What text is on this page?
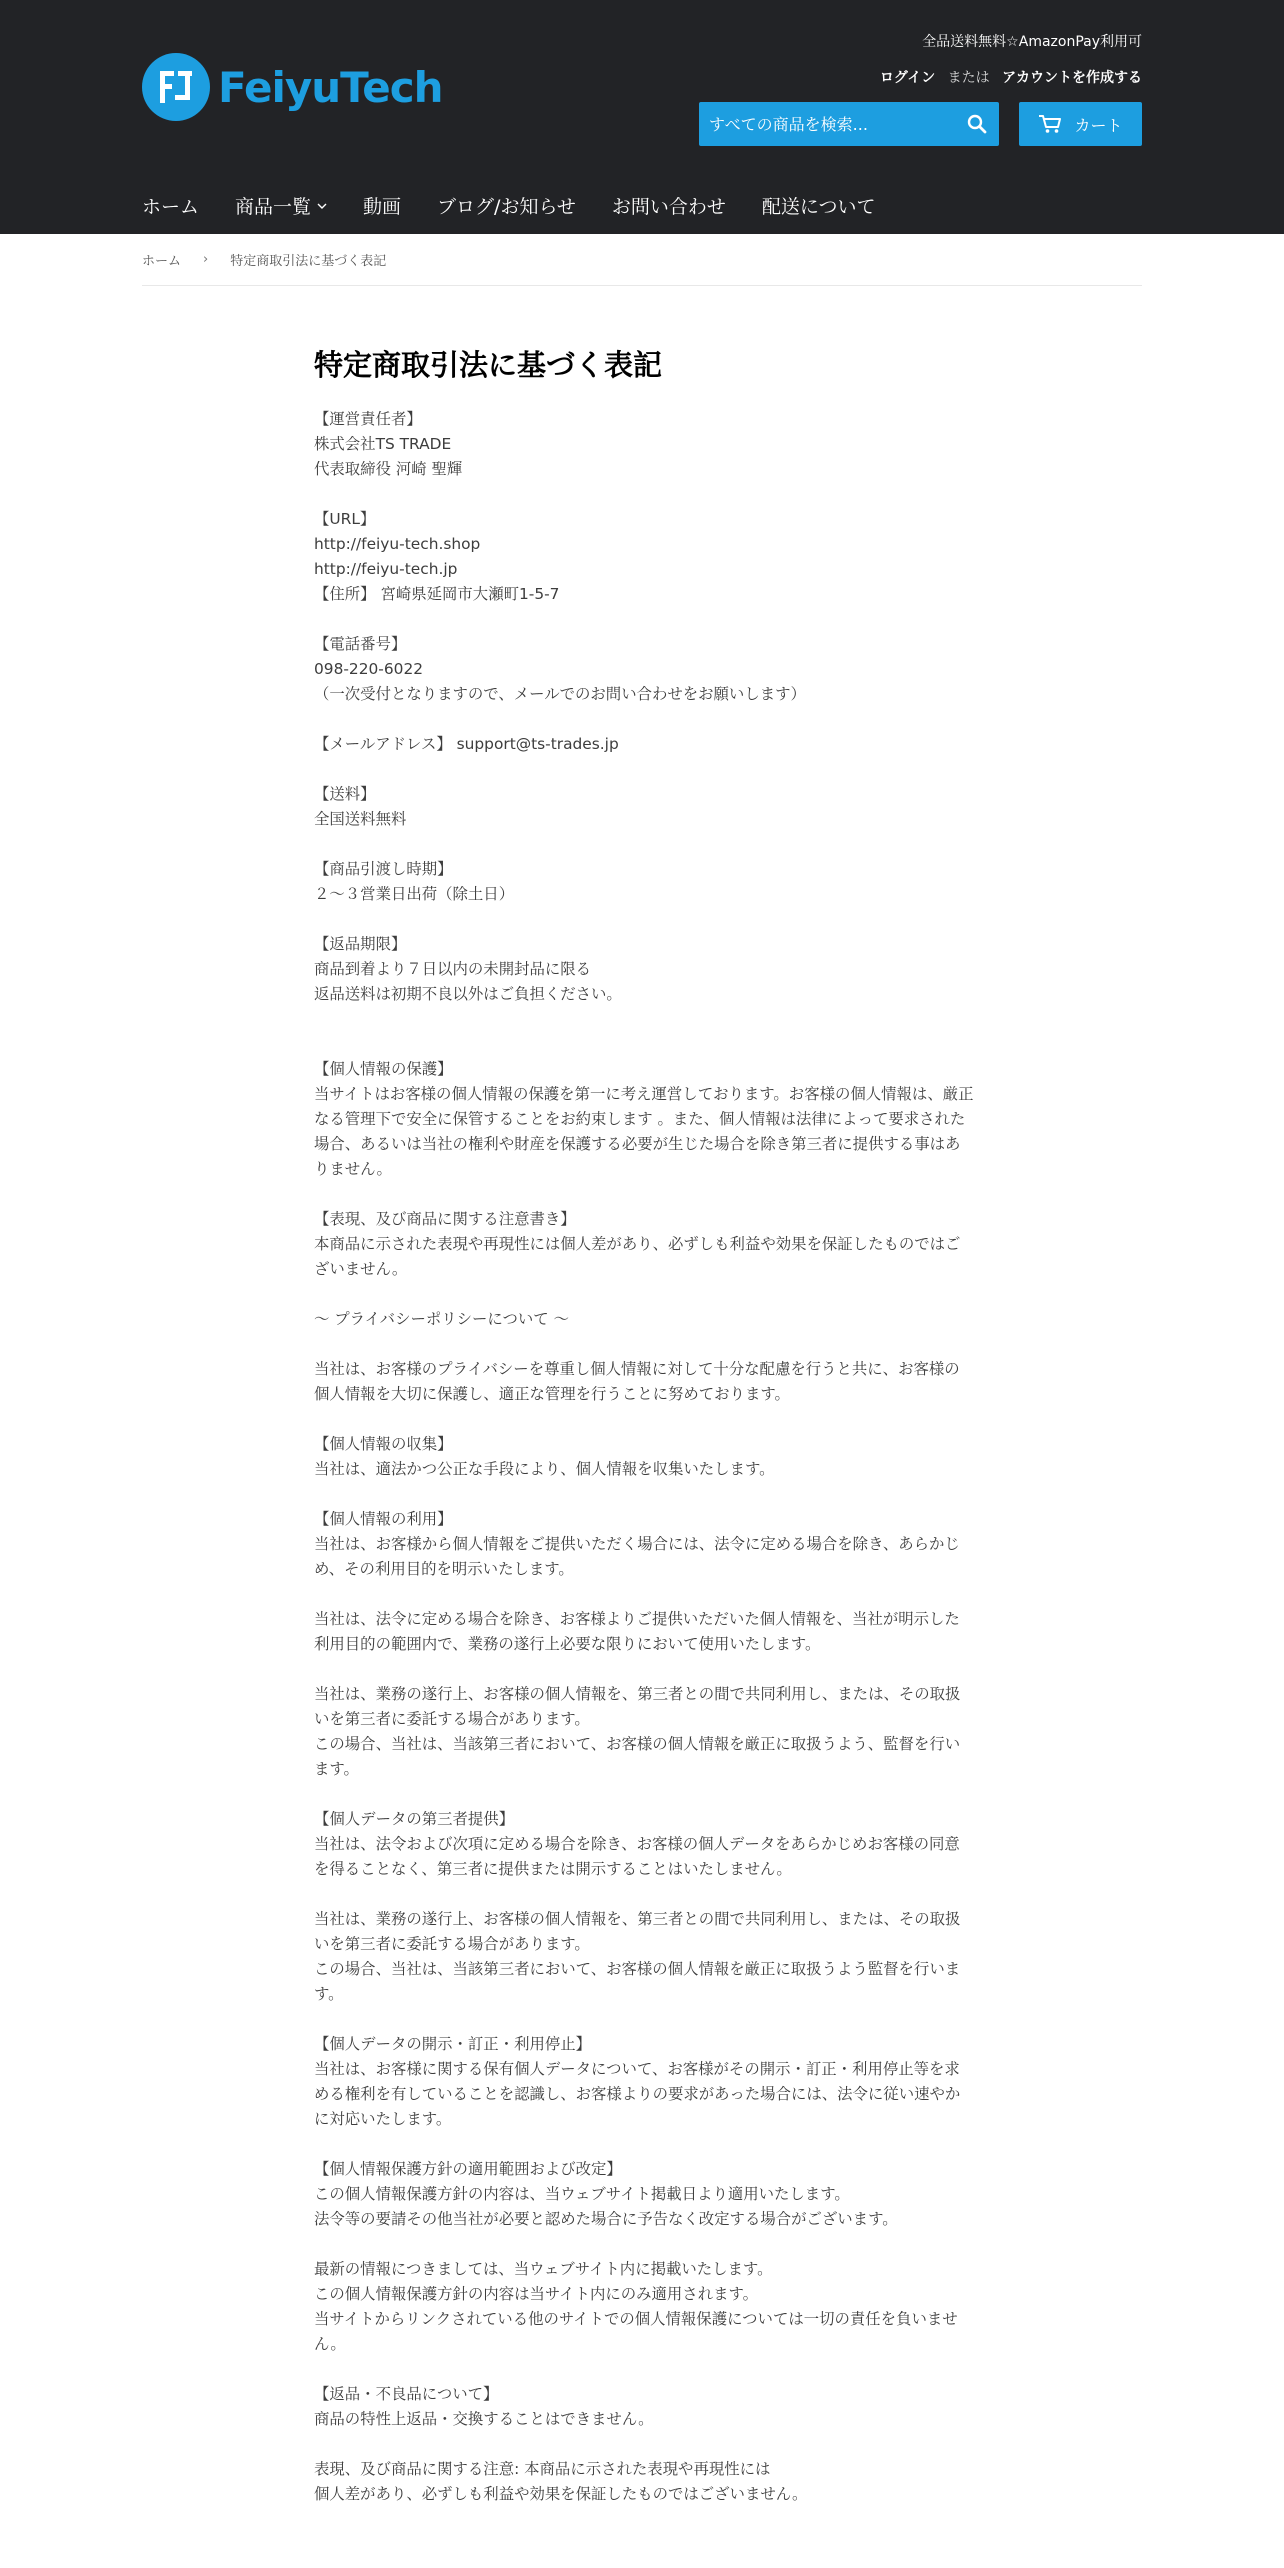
FeiyuTech
全品送料無料☆AmazonPay利用可
ログイン または アカウントを作成する
すべての商品を検索...
カート
ホーム 商品一覧	動画 ブログ/お知らせ お問い合わせ 配送について
ホーム › 特定商取引法に基づく表記
特定商取引法に基づく表記
【運営責任者】
株式会社TS TRADE
代表取締役 河崎 聖輝

【URL】
http://feiyu-tech.shop
http://feiyu-tech.jp
【住所】 宮崎県延岡市大瀬町1-5-7

【電話番号】
098-220-6022
（一次受付となりますので、メールでのお問い合わせをお願いします）

【メールアドレス】 support@ts-trades.jp

【送料】
全国送料無料

【商品引渡し時期】
２〜３営業日出荷（除土日）

【返品期限】
商品到着より７日以内の未開封品に限る
返品送料は初期不良以外はご負担ください。

【個人情報の保護】
当サイトはお客様の個人情報の保護を第一に考え運営しております。お客様の個人情報は、厳正なる管理下で安全に保管することをお約束します 。また、個人情報は法律によって要求された場合、あるいは当社の権利や財産を保護する必要が生じた場合を除き第三者に提供する事はありません。

【表現、及び商品に関する注意書き】
本商品に示された表現や再現性には個人差があり、必ずしも利益や効果を保証したものではございません。

〜 プライバシーポリシーについて 〜

当社は、お客様のプライバシーを尊重し個人情報に対して十分な配慮を行うと共に、お客様の個人情報を大切に保護し、適正な管理を行うことに努めております。

【個人情報の収集】
当社は、適法かつ公正な手段により、個人情報を収集いたします。

【個人情報の利用】
当社は、お客様から個人情報をご提供いただく場合には、法令に定める場合を除き、あらかじめ、その利用目的を明示いたします。

当社は、法令に定める場合を除き、お客様よりご提供いただいた個人情報を、当社が明示した利用目的の範囲内で、業務の遂行上必要な限りにおいて使用いたします。

当社は、業務の遂行上、お客様の個人情報を、第三者との間で共同利用し、または、その取扱いを第三者に委託する場合があります。
この場合、当社は、当該第三者において、お客様の個人情報を厳正に取扱うよう、監督を行います。

【個人データの第三者提供】
当社は、法令および次項に定める場合を除き、お客様の個人データをあらかじめお客様の同意を得ることなく、第三者に提供または開示することはいたしません。

当社は、業務の遂行上、お客様の個人情報を、第三者との間で共同利用し、または、その取扱いを第三者に委託する場合があります。
この場合、当社は、当該第三者において、お客様の個人情報を厳正に取扱うよう監督を行います。

【個人データの開示・訂正・利用停止】
当社は、お客様に関する保有個人データについて、お客様がその開示・訂正・利用停止等を求める権利を有していることを認識し、お客様よりの要求があった場合には、法令に従い速やかに対応いたします。

【個人情報保護方針の適用範囲および改定】
この個人情報保護方針の内容は、当ウェブサイト掲載日より適用いたします。
法令等の要請その他当社が必要と認めた場合に予告なく改定する場合がございます。

最新の情報につきましては、当ウェブサイト内に掲載いたします。
この個人情報保護方針の内容は当サイト内にのみ適用されます。
当サイトからリンクされている他のサイトでの個人情報保護については一切の責任を負いません。

【返品・不良品について】
商品の特性上返品・交換することはできません。

表現、及び商品に関する注意: 本商品に示された表現や再現性には
個人差があり、必ずしも利益や効果を保証したものではございません。
